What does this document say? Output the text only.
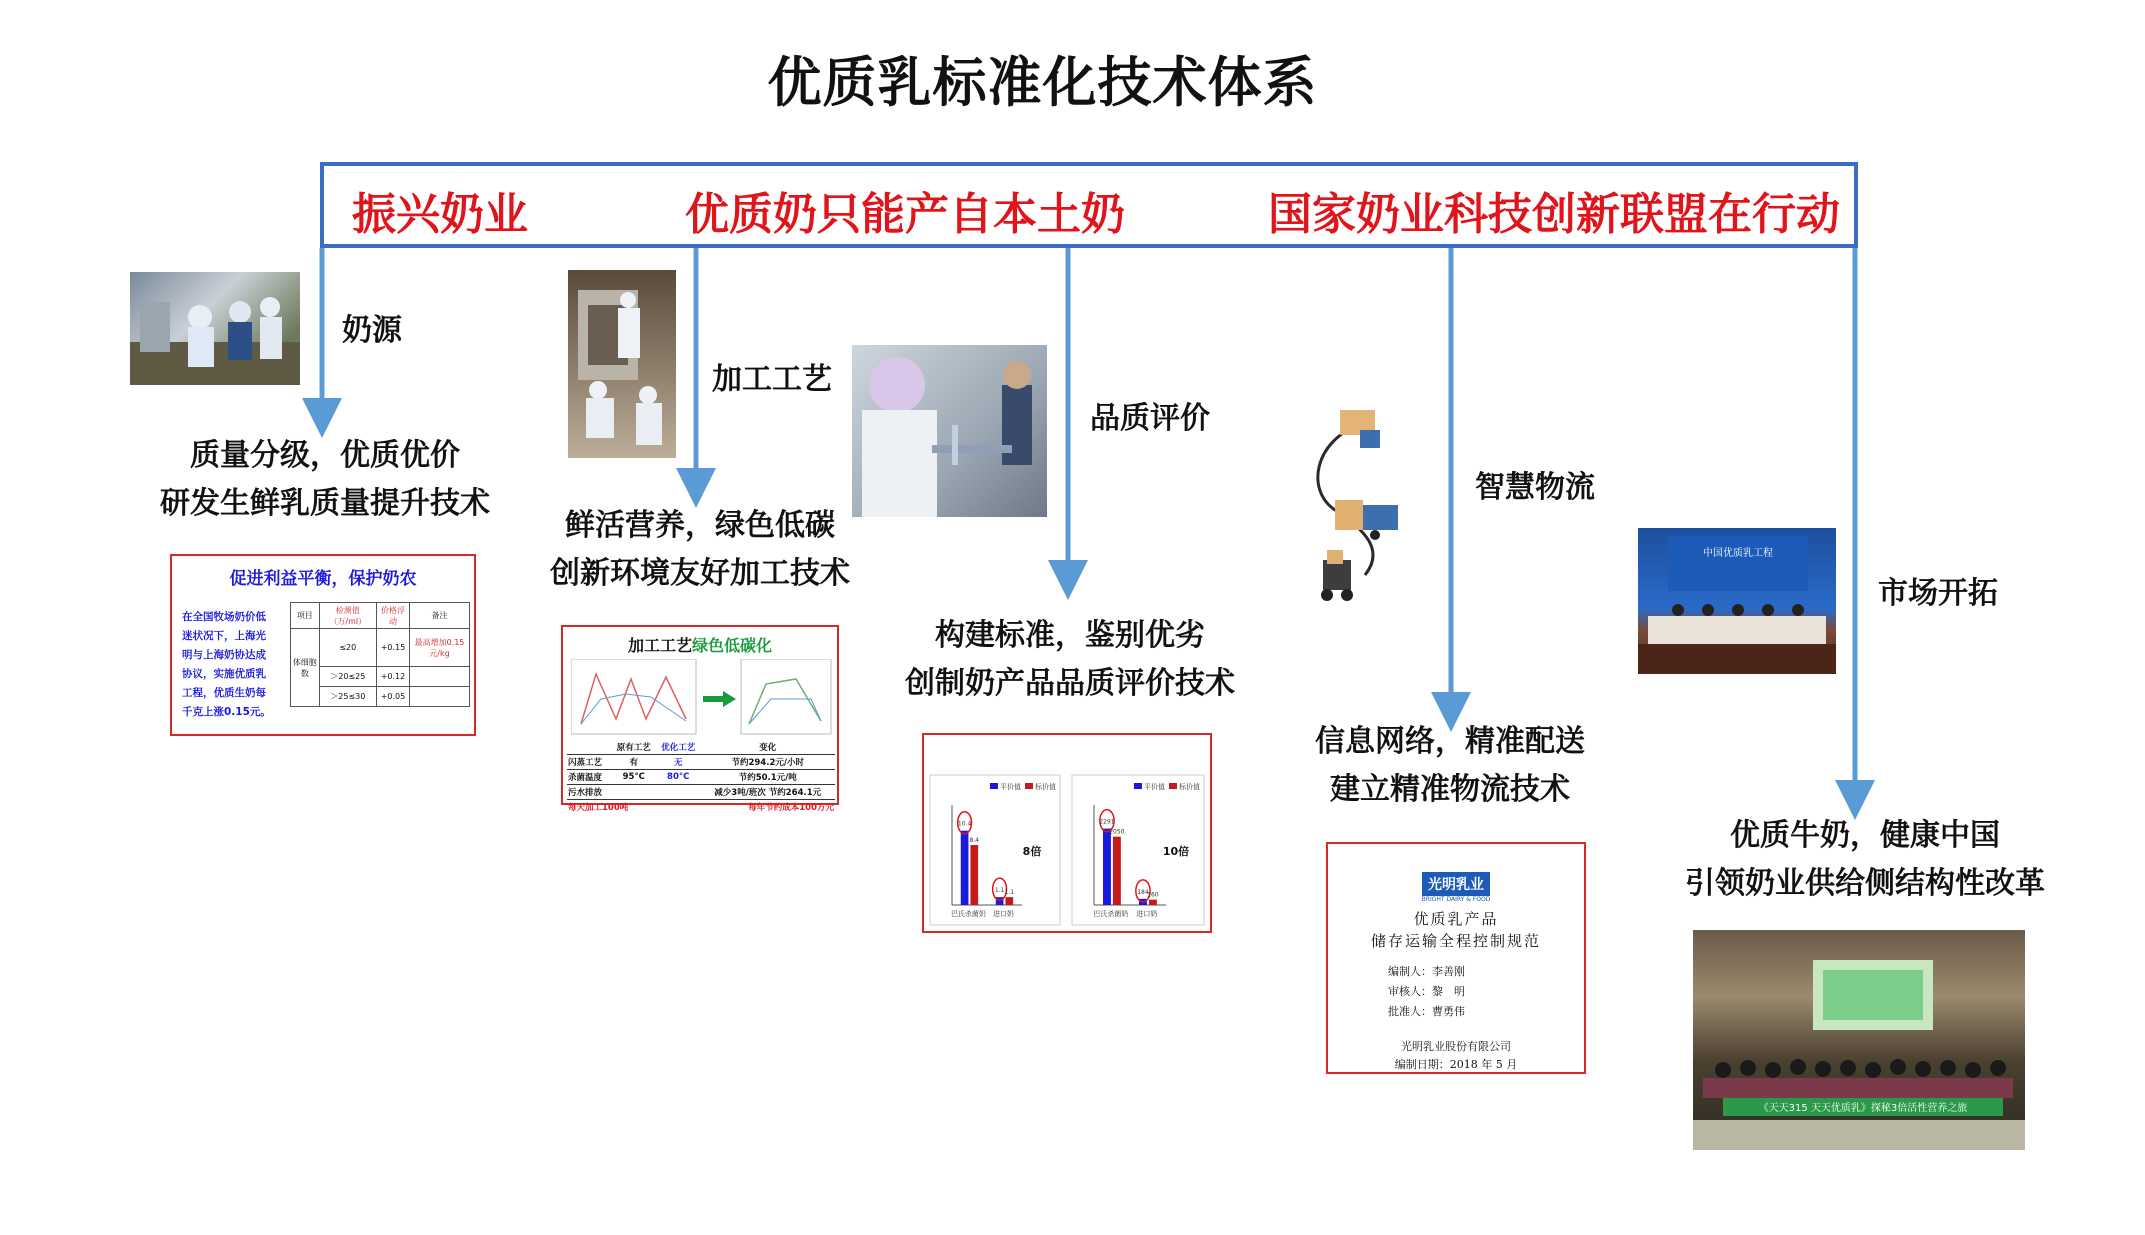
优质乳标准化技术体系
振兴奶业	优质奶只能产自本土奶	国家奶业科技创新联盟在行动
奶源
加工工艺
品质评价
智慧物流
市场开拓
质量分级，优质优价
研发生鲜乳质量提升技术
鲜活营养，绿色低碳
创新环境友好加工技术
构建标准，鉴别优劣
创制奶产品品质评价技术
信息网络，精准配送
建立精准物流技术
优质牛奶，健康中国
引领奶业供给侧结构性改革
中国优质乳工程
《天天315 天天优质乳》探秘3倍活性营养之旅
促进利益平衡，保护奶农
在全国牧场奶价低
迷状况下，上海光
明与上海奶协达成
协议，实施优质乳
工程，优质生奶每
千克上涨0.15元。
项目	检测值（万/ml）	价格浮动	备注
体细胞数	≤20	+0.15	最高增加0.15元/kg
	＞20≤25	+0.12	
	＞25≤30	+0.05	
加工工艺绿色低碳化
	原有工艺	优化工艺	变化
闪蒸工艺	有	无	节约294.2元/小时
杀菌温度	95°C	80°C	节约50.1元/吨
污水排放			减少3吨/班次 节约264.1元
每天加工100吨		每年节约成本100万元	
平价值 标价值
10.4
8.4
巴氏杀菌奶
1.1 1.1
进口奶
8倍
平价值 标价值
2291
2050
巴氏杀菌奶
184
160
进口奶
10倍
光明乳业
BRIGHT DAIRY & FOOD
优质乳产品
储存运输全程控制规范
编制人：李善刚
审核人：黎　明
批准人：曹勇伟
光明乳业股份有限公司
编制日期：2018 年 5 月
